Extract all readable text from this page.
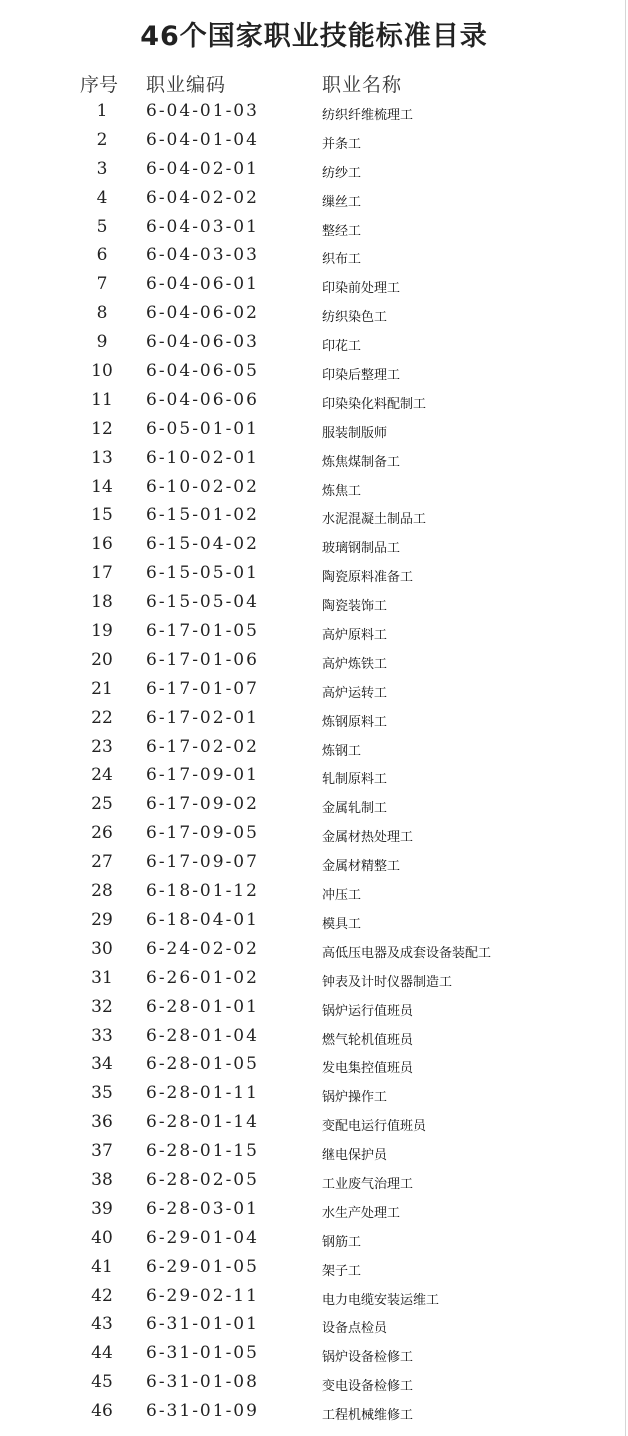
46个国家职业技能标准目录
序号 职业编码	职业名称
1	6-04-01-03	纺织纤维梳理工
2	6-04-01-04	并条工
3	6-04-02-01	纺纱工
4	6-04-02-02	缫丝工
5	6-04-03-01	整经工
6	6-04-03-03	织布工
7	6-04-06-01	印染前处理工
8	6-04-06-02	纺织染色工
9	6-04-06-03	印花工
10	6-04-06-05	印染后整理工
11	6-04-06-06	印染染化料配制工
12	6-05-01-01	服装制版师
13	6-10-02-01	炼焦煤制备工
14	6-10-02-02	炼焦工
15	6-15-01-02	水泥混凝土制品工
16	6-15-04-02	玻璃钢制品工
17	6-15-05-01	陶瓷原料准备工
18	6-15-05-04	陶瓷装饰工
19	6-17-01-05	高炉原料工
20	6-17-01-06	高炉炼铁工
21	6-17-01-07	高炉运转工
22	6-17-02-01	炼钢原料工
23	6-17-02-02	炼钢工
24	6-17-09-01	轧制原料工
25	6-17-09-02	金属轧制工
26	6-17-09-05	金属材热处理工
27	6-17-09-07	金属材精整工
28	6-18-01-12	冲压工
29	6-18-04-01	模具工
30	6-24-02-02	高低压电器及成套设备装配工
31	6-26-01-02	钟表及计时仪器制造工
32	6-28-01-01	锅炉运行值班员
33	6-28-01-04	燃气轮机值班员
34	6-28-01-05	发电集控值班员
35	6-28-01-11	锅炉操作工
36	6-28-01-14	变配电运行值班员
37	6-28-01-15	继电保护员
38	6-28-02-05	工业废气治理工
39	6-28-03-01	水生产处理工
40	6-29-01-04	钢筋工
41	6-29-01-05	架子工
42	6-29-02-11	电力电缆安装运维工
43	6-31-01-01	设备点检员
44	6-31-01-05	锅炉设备检修工
45	6-31-01-08	变电设备检修工
46	6-31-01-09	工程机械维修工
